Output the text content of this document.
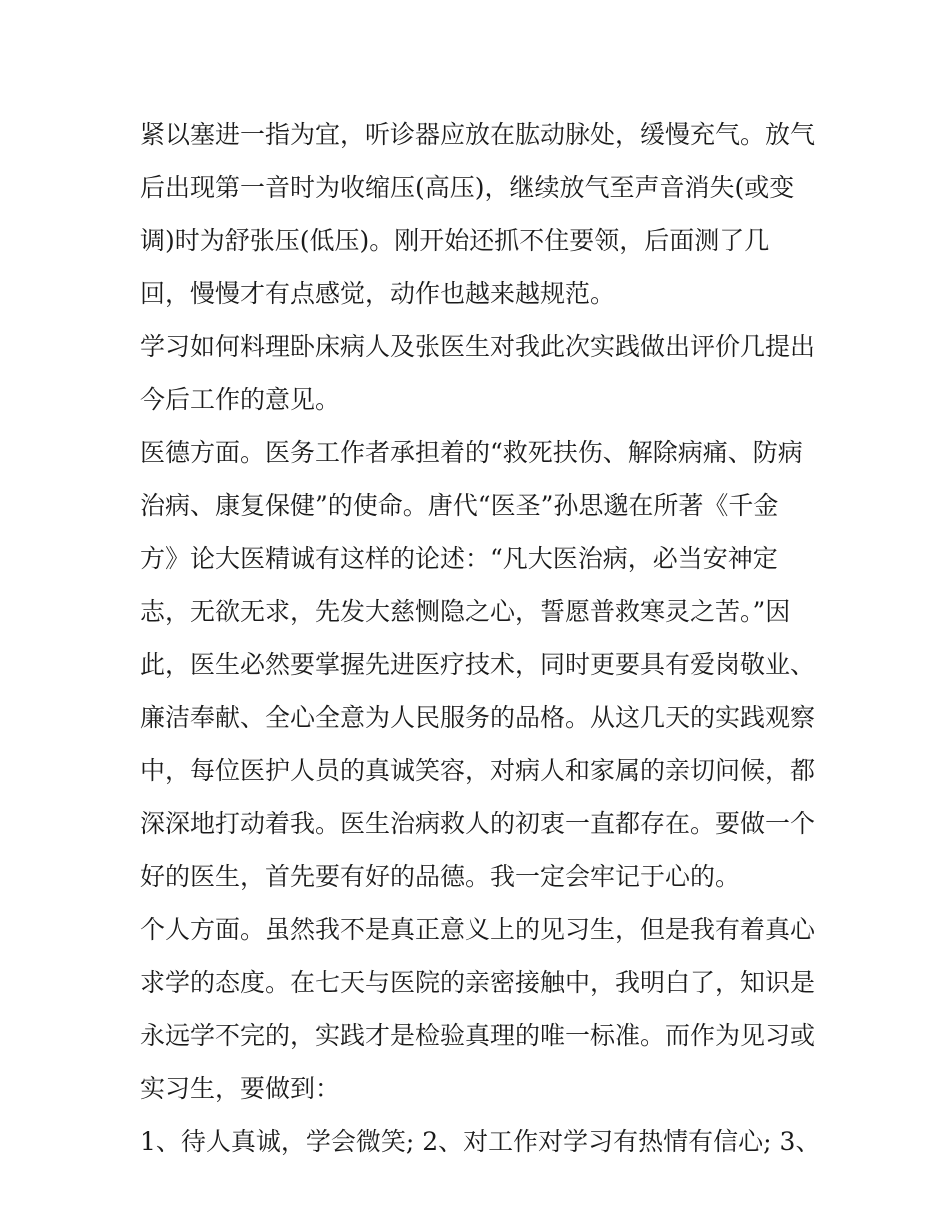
紧以塞进一指为宜，听诊器应放在肱动脉处，缓慢充气。放气
后出现第一音时为收缩压(高压)，继续放气至声音消失(或变
调)时为舒张压(低压)。刚开始还抓不住要领，后面测了几
回，慢慢才有点感觉，动作也越来越规范。
学习如何料理卧床病人及张医生对我此次实践做出评价几提出
今后工作的意见。
医德方面。医务工作者承担着的“救死扶伤、解除病痛、防病
治病、康复保健”的使命。唐代“医圣”孙思邈在所著《千金
方》论大医精诚有这样的论述：“凡大医治病，必当安神定
志，无欲无求，先发大慈恻隐之心，誓愿普救寒灵之苦。”因
此，医生必然要掌握先进医疗技术，同时更要具有爱岗敬业、
廉洁奉献、全心全意为人民服务的品格。从这几天的实践观察
中，每位医护人员的真诚笑容，对病人和家属的亲切问候，都
深深地打动着我。医生治病救人的初衷一直都存在。要做一个
好的医生，首先要有好的品德。我一定会牢记于心的。
个人方面。虽然我不是真正意义上的见习生，但是我有着真心
求学的态度。在七天与医院的亲密接触中，我明白了，知识是
永远学不完的，实践才是检验真理的唯一标准。而作为见习或
实习生，要做到：
1、待人真诚，学会微笑; 2、对工作对学习有热情有信心; 3、
